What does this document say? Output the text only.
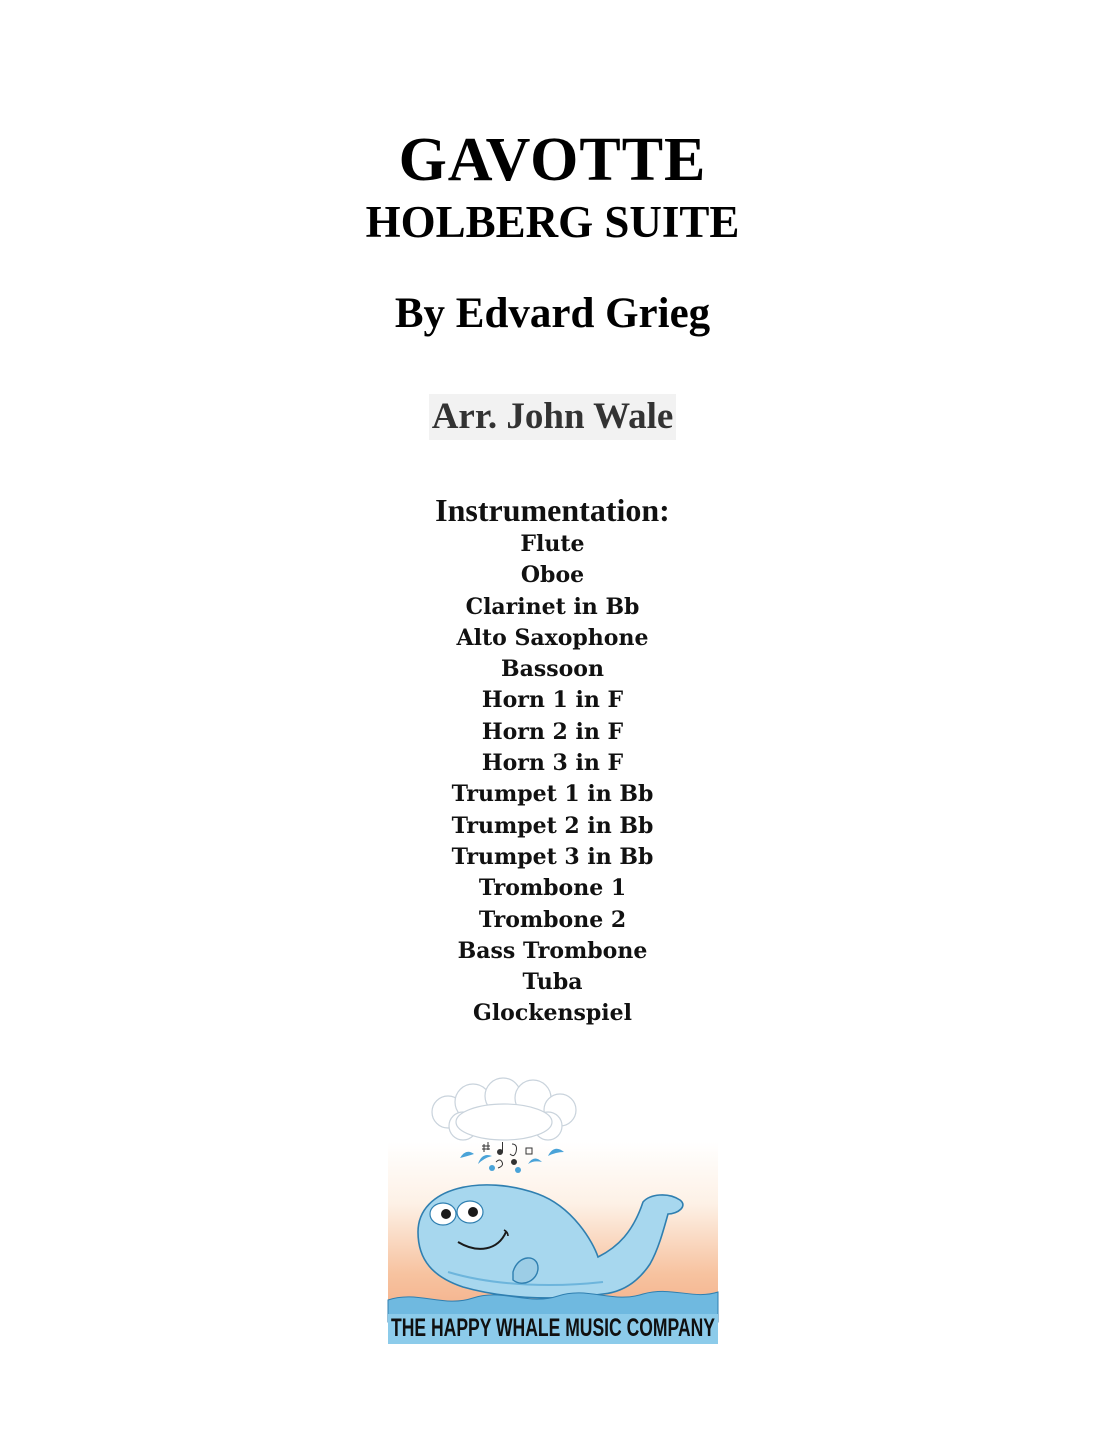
GAVOTTE
HOLBERG SUITE
By Edvard Grieg
Arr. John Wale
Instrumentation:
Flute
Oboe
Clarinet in Bb
Alto Saxophone
Bassoon
Horn 1 in F
Horn 2 in F
Horn 3 in F
Trumpet 1 in Bb
Trumpet 2 in Bb
Trumpet 3 in Bb
Trombone 1
Trombone 2
Bass Trombone
Tuba
Glockenspiel
THE HAPPY WHALE MUSIC COMPANY
